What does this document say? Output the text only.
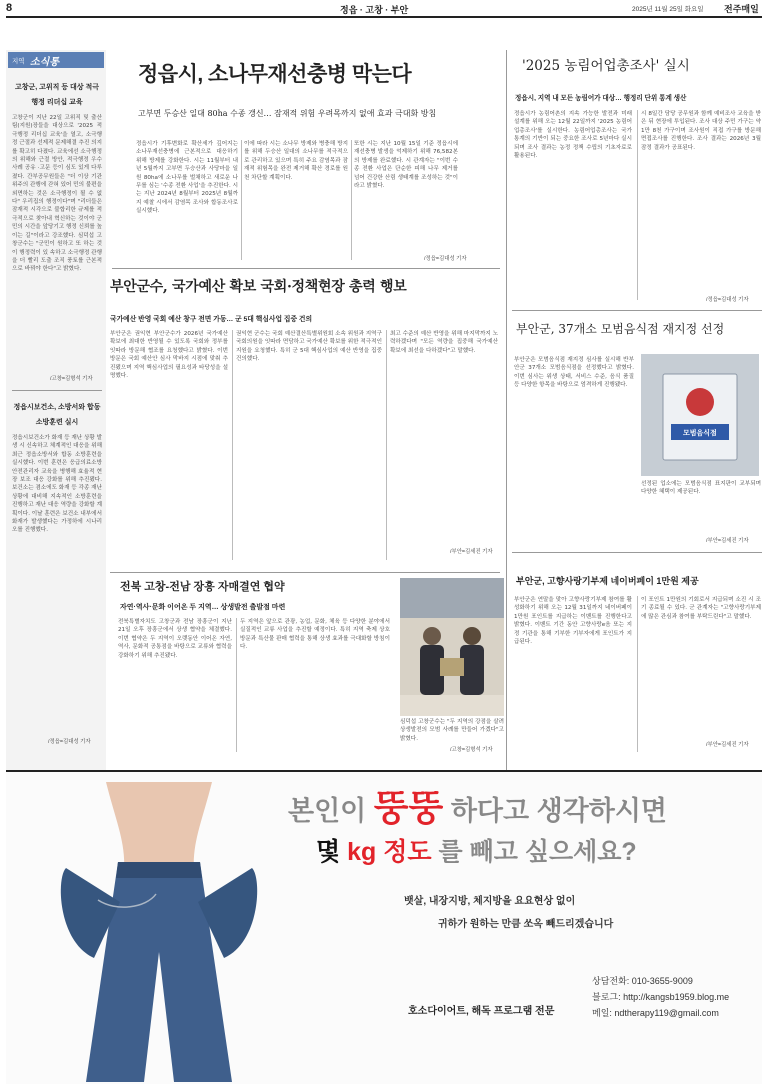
8	정읍 · 고창 · 부안	2025년 11월 25일 화요일 전주매일
지역 소식통
고창군, 고위직 등 대상 적극행정 리더십 교육
고창군이 지난 22일 고위직 및 출산팀(지원)장들을 대상으로 '2025 적극행정 리더십 교육'을 열고, 소극행정 근절과 선제적 문제해결 추진 의지를 확고히 다졌다. 교육에선 소극행정의 위해와 근절 방안, 적극행정 우수사례 공유 ·고문 등이 심도 있게 다루졌다. 간부공무원들은 "더 이상 기관 위주의 관행에 갇혀 있어 민의 불편을 외면하는 것은 소극행정이 될 수 없다" 우리집의 행정이다"며 "리더들은 잠재적 시각으로 불합리한 규제를 적극적으로 찾아내 혁신하는 것이야 군민의 시간을 앞당기고 행정 신뢰를 높이는 길"이라고 강조했다. 심덕섭 고창군수는 "군민이 원하고 또 하는 것이 행정력이 있 속하고 소극행정 관행을 더 빨리 도출 조직 풍토를 근본적으로 바꿔야 한다"고 밝혔다.
/고창=김형석 기자
정읍시보건소, 소방서와 합동 소방훈련 실시
정읍시보건소가 화재 등 재난 상황 발생 시 신속하고 체계적인 대응을 위해 최근 정읍소방서와 합동 소방훈련을 실시했다. 이번 훈련은 응급의료소방안전관리자 교육을 병행해 효율적 현장 보조 대응 강화를 위해 추진됐다. 보건소는 겸소에도 화재 등 각종 재난 상황에 대비해 지속적인 소방훈련을 진행하고 재난 대응 역량을 강화할 계획이다. 이날 훈련은 보건소 내부에서 화재가 발생했다는 가정하에 시나리오를 진행했다.
/정읍=김대성 기자
정읍시, 소나무재선충병 막는다
고부면 두승산 일대 80ha 수종 갱신… 잠재적 위험 우려목까지 없애 효과 극대화 방침
정읍시가 기후변화로 확산세가 깊어지는 소나무재선충병에 근본적으로 대응하기 위해 방제를 강화한다. 시는 11월부터 내년 5월까지 고부면 두승산과 사당마을 일원 80ha에 소나무를 벌채하고 새로운 나무를 심는 '수종 전환 사업'을 추진한다. 시는 지난 2024년 8월부터 2025년 8월까지 예찰 시에서 감염목 조사와 합동조사로 실시했다.
이에 따라 시는 소나무 방제와 병충해 방지를 위해 두승산 일대의 소나무를 적극적으로 관리하고 있으며 특히 주요 감염목과 잠재적 위험목을 완전 제거해 확산 경로를 원천 차단할 계획이다.
또한 시는 지난 10월 15일 기준 정읍시에 재선충병 발생을 억제하기 위해 76,582본의 방제를 완료했다. 시 관계자는 "이번 수종 전환 사업은 단순한 피해 나무 제거를 넘어 건강한 산림 생태계를 조성하는 것"이라고 밝혔다.
/정읍=김대성 기자
부안군수, 국가예산 확보 국회·정책현장 총력 행보
국가예산 반영 국회 예산 창구 전면 가동… 군 5대 핵심사업 집중 건의
부안군은 권익현 부안군수가 2026년 국가예산 확보에 최대한 반영될 수 있도록 국회와 정부를 잇따라 방문해 협조를 요청했다고 밝혔다. 이번 방문은 국회 예산안 심사 막바지 시점에 맞춰 추진됐으며 지역 핵심사업의 필요성과 타당성을 설명했다.
권익현 군수는 국회 예산결산특별위원회 소속 위원과 지역구 국회의원을 잇따라 면담하고 국가예산 확보를 위한 적극적인 지원을 요청했다. 특히 군 5대 핵심사업의 예산 반영을 집중 건의했다.
최고 수준의 예산 반영을 위해 마지막까지 노력하겠다며 "모든 역량을 집중해 국가예산 확보에 최선을 다하겠다"고 말했다.
/부안=김세진 기자
전북 고창-전남 장흥 자매결연 협약
자연·역사·문화 이어온 두 지역… 상생발전 출발점 마련
전북특별자치도 고창군과 전남 장흥군이 지난 21일 오후 장흥군에서 상생 협약을 체결했다. 이번 협약은 두 지역이 오랫동안 이어온 자연, 역사, 문화적 공통점을 바탕으로 교류와 협력을 강화하기 위해 추진됐다.
두 지역은 앞으로 관광, 농업, 문화, 체육 등 다양한 분야에서 실질적인 교류 사업을 추진할 예정이다. 특히 지역 축제 상호 방문과 특산물 판매 협력을 통해 상생 효과를 극대화할 방침이다.
심덕섭 고창군수는 "두 지역의 강점을 살려 상생발전의 모범 사례를 만들어 가겠다"고 밝혔다.
/고창=김형석 기자
'2025 농림어업총조사' 실시
정읍시, 지역 내 모든 농림어가 대상… 행정리 단위 통계 생산
정읍시가 농림어촌의 지속 가능한 발전과 미래 설계를 위해 오는 12월 22일까지 '2025 농림어업총조사'를 실시한다. 농림어업총조사는 국가 통계의 기반이 되는 중요한 조사로 5년마다 실시되며 조사 결과는 농정 정책 수립의 기초자료로 활용된다.
시 8일간 담당 공무원과 함께 예비조사 교육을 받은 뒤 현장에 투입된다. 조사 대상 주민 가구는 약 1만 8천 가구이며 조사원이 직접 가구를 방문해 면접조사를 진행한다. 조사 결과는 2026년 3월 잠정 결과가 공표된다.
/정읍=김대성 기자
부안군, 37개소 모범음식점 재지정 선정
부안군은 모범음식점 재지정 심사를 실시해 반부안군 37개소 모범음식점을 선정했다고 밝혔다. 이번 심사는 위생 상태, 서비스 수준, 음식 품질 등 다양한 항목을 바탕으로 엄격하게 진행됐다.
모범음식점
선정된 업소에는 모범음식점 표지판이 교부되며 다양한 혜택이 제공된다.
/부안=김세진 기자
부안군, 고향사랑기부제 네이버페이 1만원 제공
부안군은 연말을 맞아 고향사랑기부제 참여를 활성화하기 위해 오는 12월 31일까지 네이버페이 1만원 포인트를 지급하는 이벤트를 진행한다고 밝혔다. 이벤트 기간 동안 고향사랑e음 또는 지정 기관을 통해 기부한 기부자에게 포인트가 지급된다.
이 포인트 1만원의 기회로서 지급되며 소진 시 조기 종료될 수 있다. 군 관계자는 "고향사랑기부제에 많은 관심과 참여를 부탁드린다"고 말했다.
/부안=김세진 기자
본인이 뚱뚱 하다고 생각하시면
몇 kg 정도 를 빼고 싶으세요?
뱃살, 내장지방, 체지방을 요요현상 없이
귀하가 원하는 만큼 쏘옥 빼드리겠습니다
호소다이어트, 해독 프로그램 전문
상담전화: 010-3655-9009
블로그: http://kangsb1959.blog.me
메일: ndtherapy119@gmail.com
